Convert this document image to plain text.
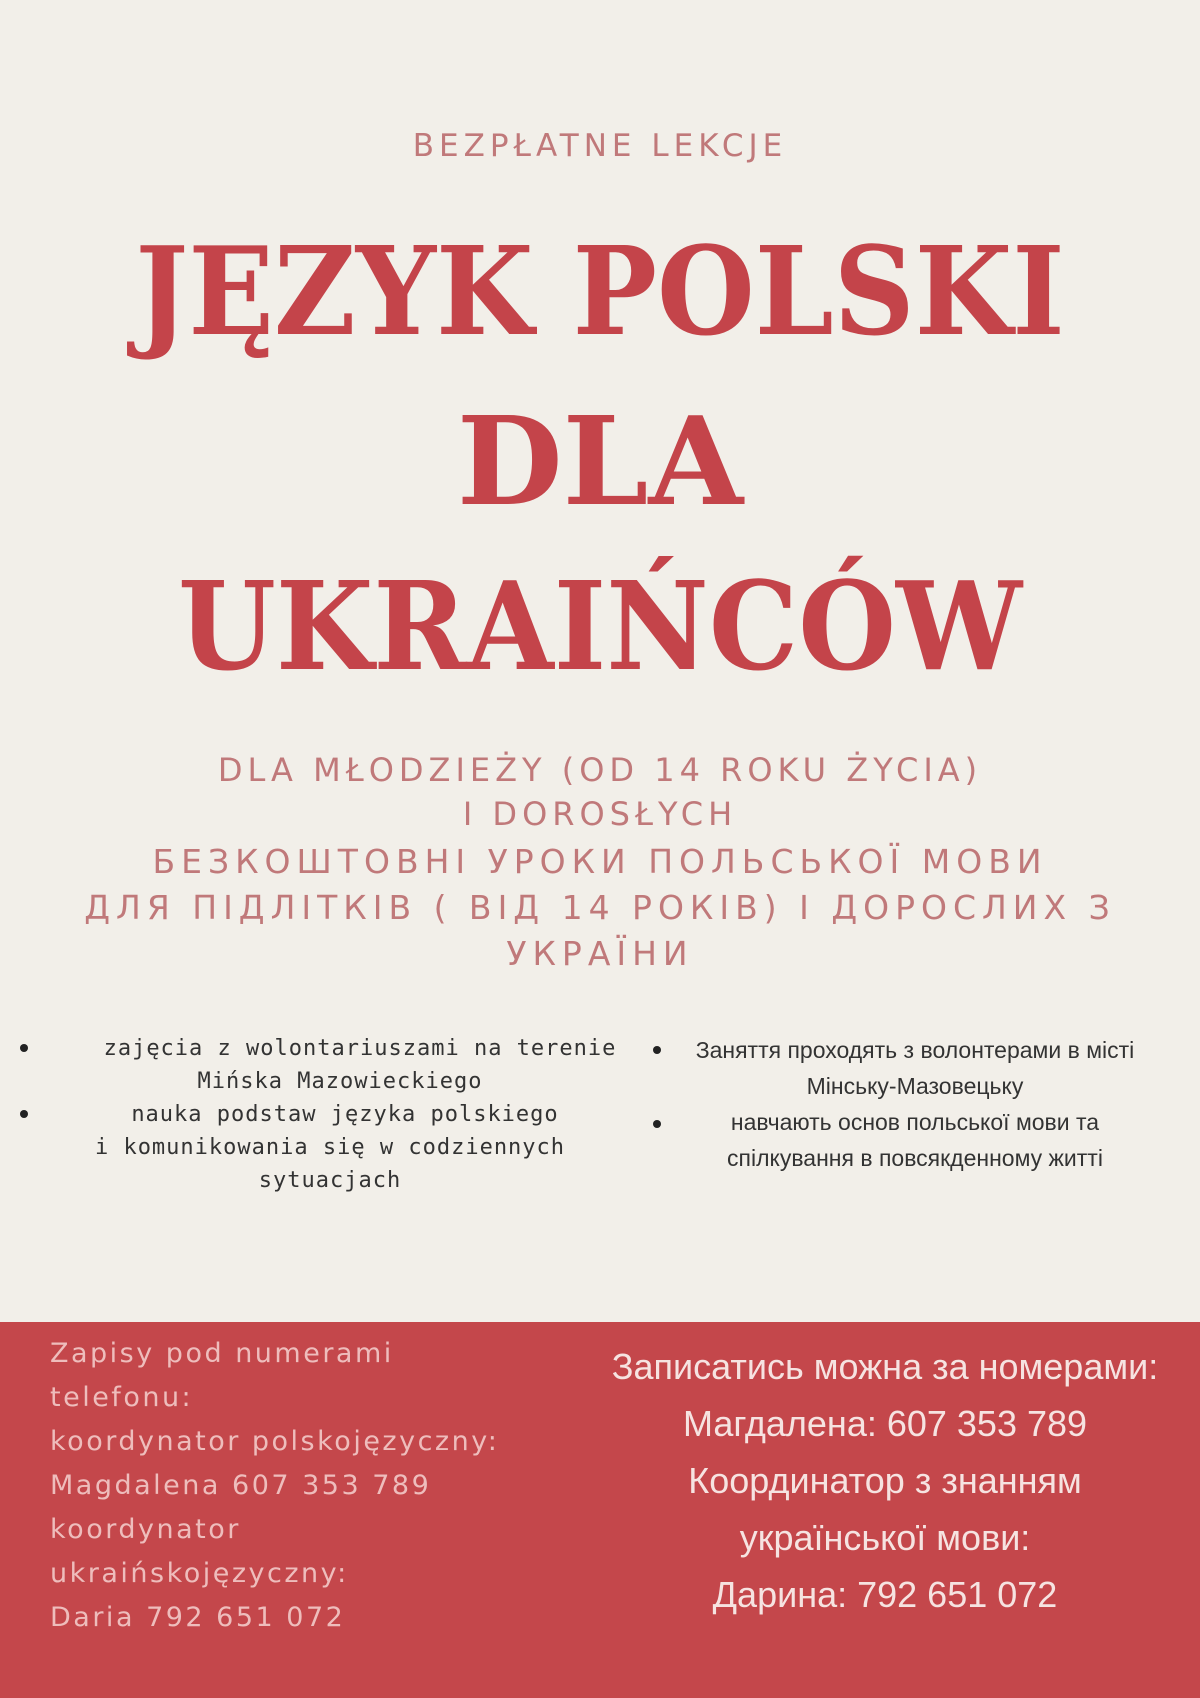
BEZPŁATNE LEKCJE
JĘZYK POLSKI
DLA
UKRAIŃCÓW
DLA MŁODZIEŻY (OD 14 ROKU ŻYCIA)
I DOROSŁYCH
БЕЗКОШТОВНІ УРОКИ ПОЛЬСЬКОЇ МОВИ
ДЛЯ ПІДЛІТКІВ ( ВІД 14 РОКІВ) І ДОРОСЛИХ З
УКРАЇНИ
zajęcia z wolontariuszami na terenie
Mińska Mazowieckiego
nauka podstaw języka polskiego
i komunikowania się w codziennych
sytuacjach
Заняття проходять з волонтерами в місті
Мінську-Мазовецьку
навчають основ польської мови та
спілкування в повсякденному житті
Zapisy pod numerami
telefonu:
koordynator polskojęzyczny:
Magdalena 607 353 789
koordynator
ukraińskojęzyczny:
Daria 792 651 072
Записатись можна за номерами:
Магдалена: 607 353 789
Координатор з знанням
української мови:
Дарина: 792 651 072
